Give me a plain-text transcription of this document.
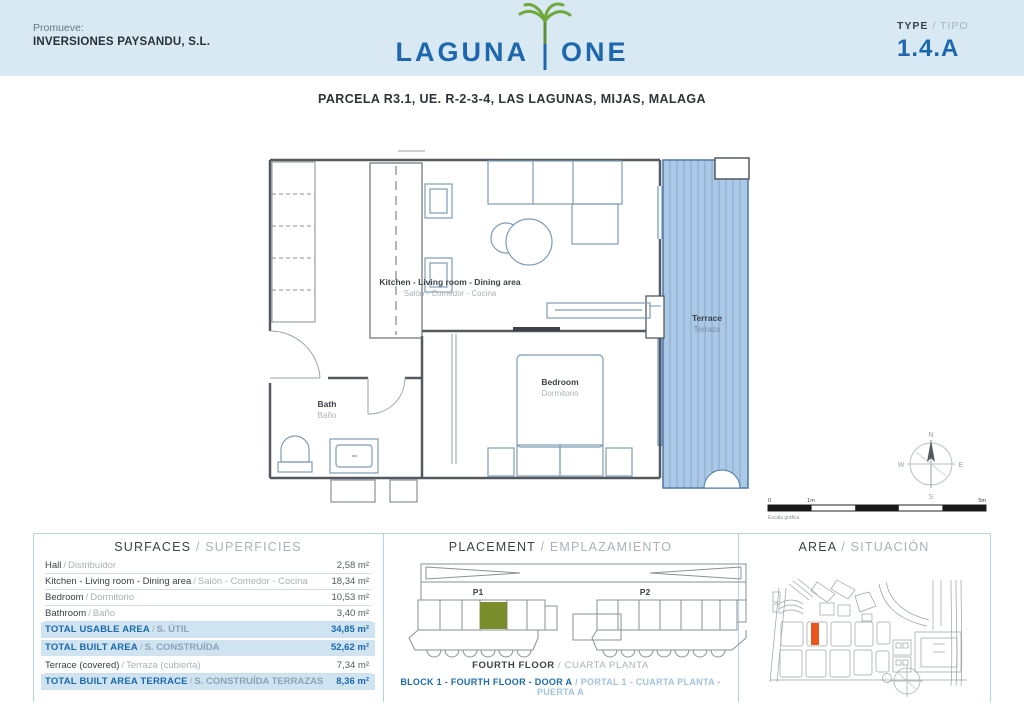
Promueve:
INVERSIONES PAYSANDU, S.L.	LAGUNA ONE
TYPE / TIPO
1.4.A
PARCELA R3.1, UE. R-2-3-4, LAS LAGUNAS, MIJAS, MALAGA
Kitchen - Living room - Dining area
Salón - Comedor - Cocina
Bedroom
Dormitorio
Bath
Baño
Terrace
Terraza
N
S
W	E
0	1m	5m
Escala gráfica
SURFACES / SUPERFICIES
Hall / Distribuidor	2,58 m²
Kitchen - Living room - Dining area / Salón - Comedor - Cocina	18,34 m²
Bedroom / Dormitorio	10,53 m²
Bathroom / Baño	3,40 m²
TOTAL USABLE AREA / S. ÚTIL	34,85 m²
TOTAL BUILT AREA / S. CONSTRUÍDA	52,62 m²
Terrace (covered) / Terraza (cubierta)	7,34 m²
TOTAL BUILT AREA TERRACE / S. CONSTRUÍDA TERRAZAS 8,36 m²
PLACEMENT / EMPLAZAMIENTO
P1	P2
FOURTH FLOOR / CUARTA PLANTA
BLOCK 1 - FOURTH FLOOR - DOOR A / PORTAL 1 - CUARTA PLANTA - PUERTA A
AREA / SITUACIÓN
